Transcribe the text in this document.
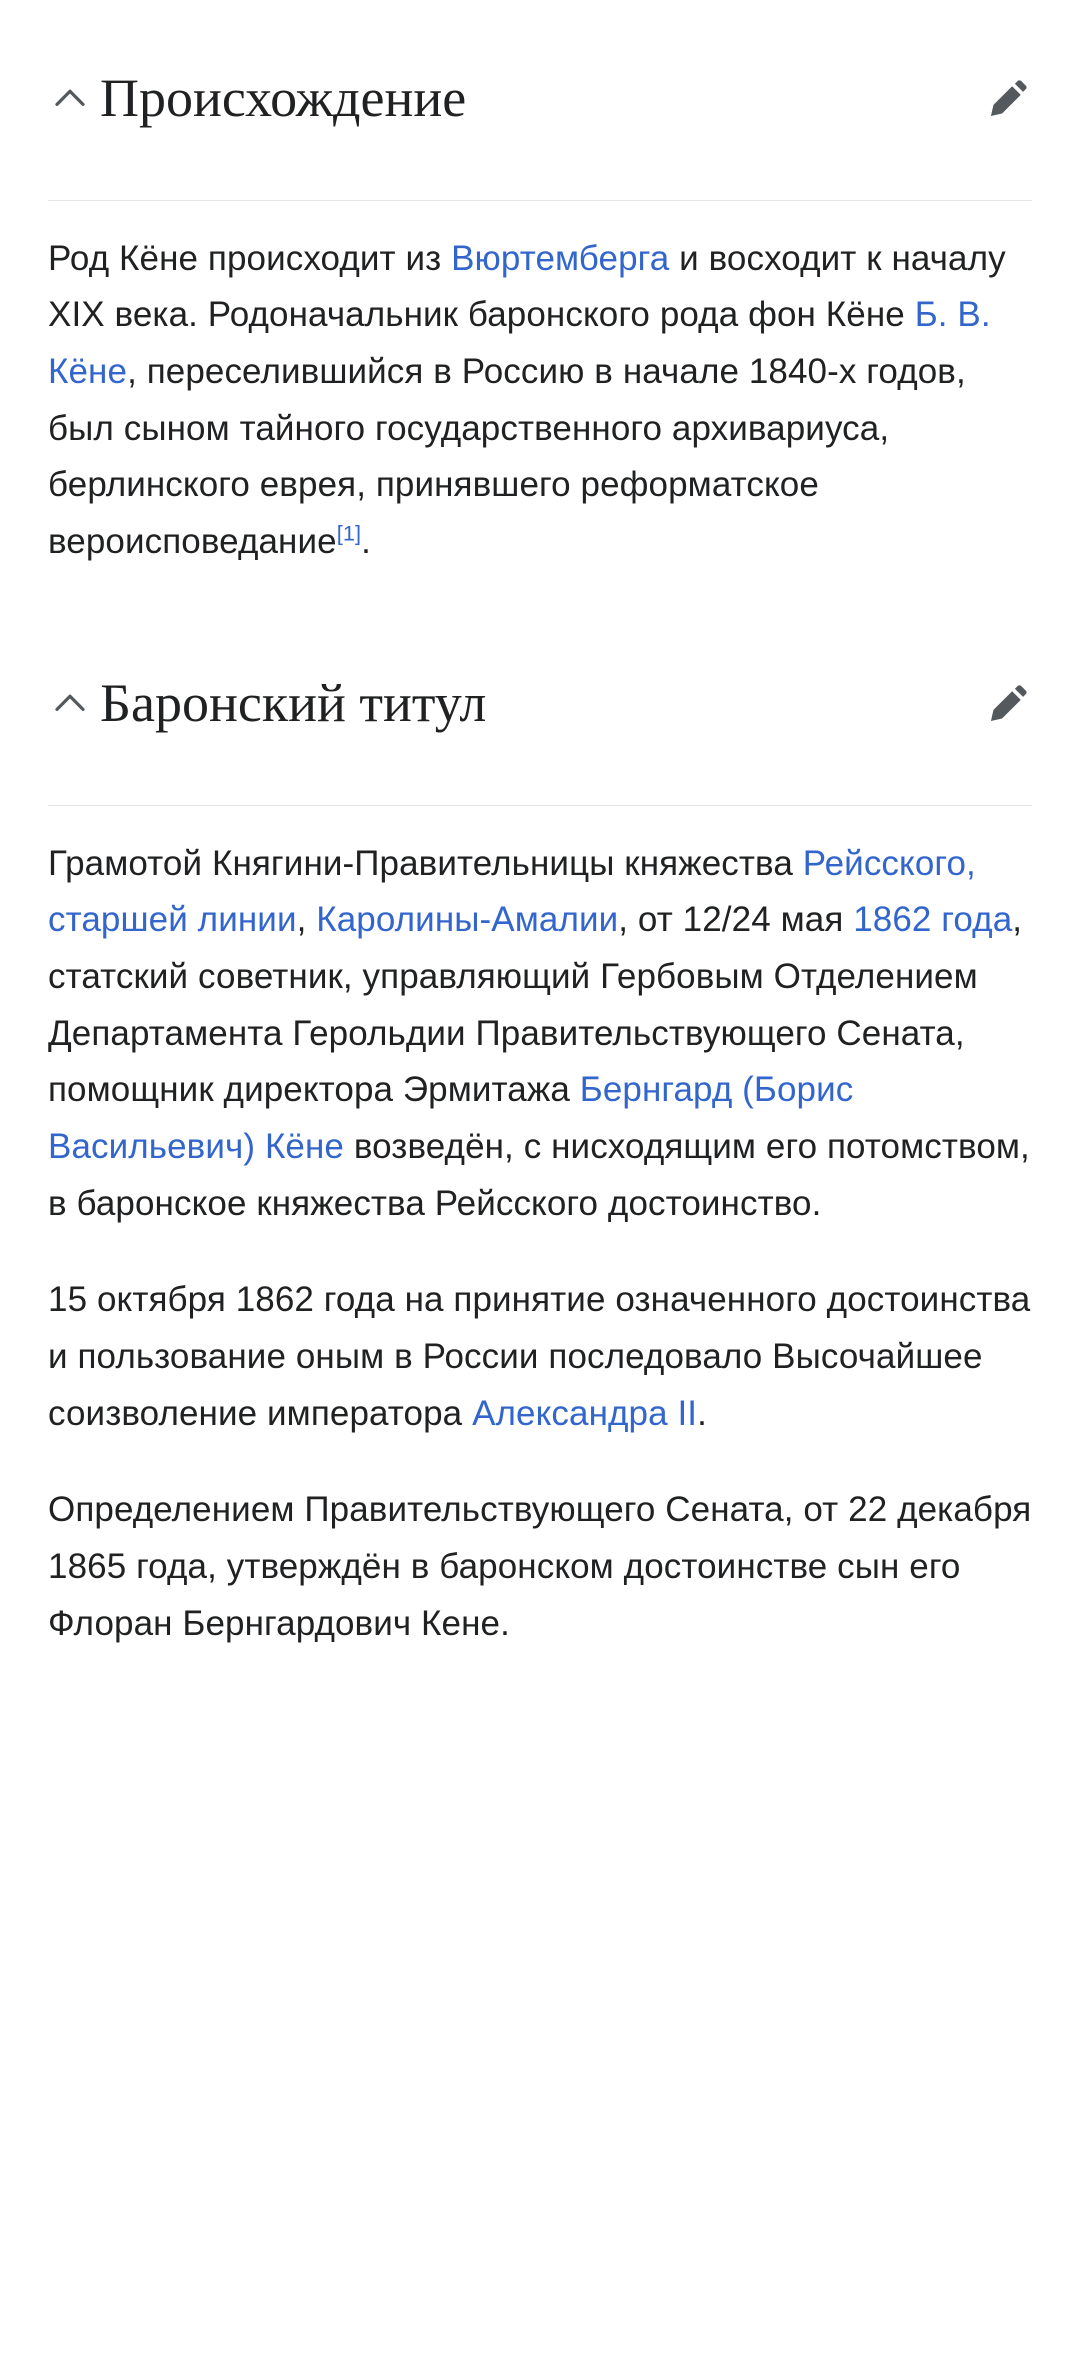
Происхождение

Род Кёне происходит из Вюртемберга и восходит к началу XIX века. Родоначальник баронского рода фон Кёне Б. В. Кёне, переселившийся в Россию в начале 1840-х годов, был сыном тайного государственного архивариуса, берлинского еврея, принявшего реформатское вероисповедание[1].

Баронский титул

Грамотой Княгини-Правительницы княжества Рейсского, старшей линии, Каролины-Амалии, от 12/24 мая 1862 года, статский советник, управляющий Гербовым Отделением Департамента Герольдии Правительствующего Сената, помощник директора Эрмитажа Бернгард (Борис Васильевич) Кёне возведён, с нисходящим его потомством, в баронское княжества Рейсского достоинство.

15 октября 1862 года на принятие означенного достоинства и пользование оным в России последовало Высочайшее соизволение императора Александра II.

Определением Правительствующего Сената, от 22 декабря 1865 года, утверждён в баронском достоинстве сын его Флоран Бернгардович Кене.
